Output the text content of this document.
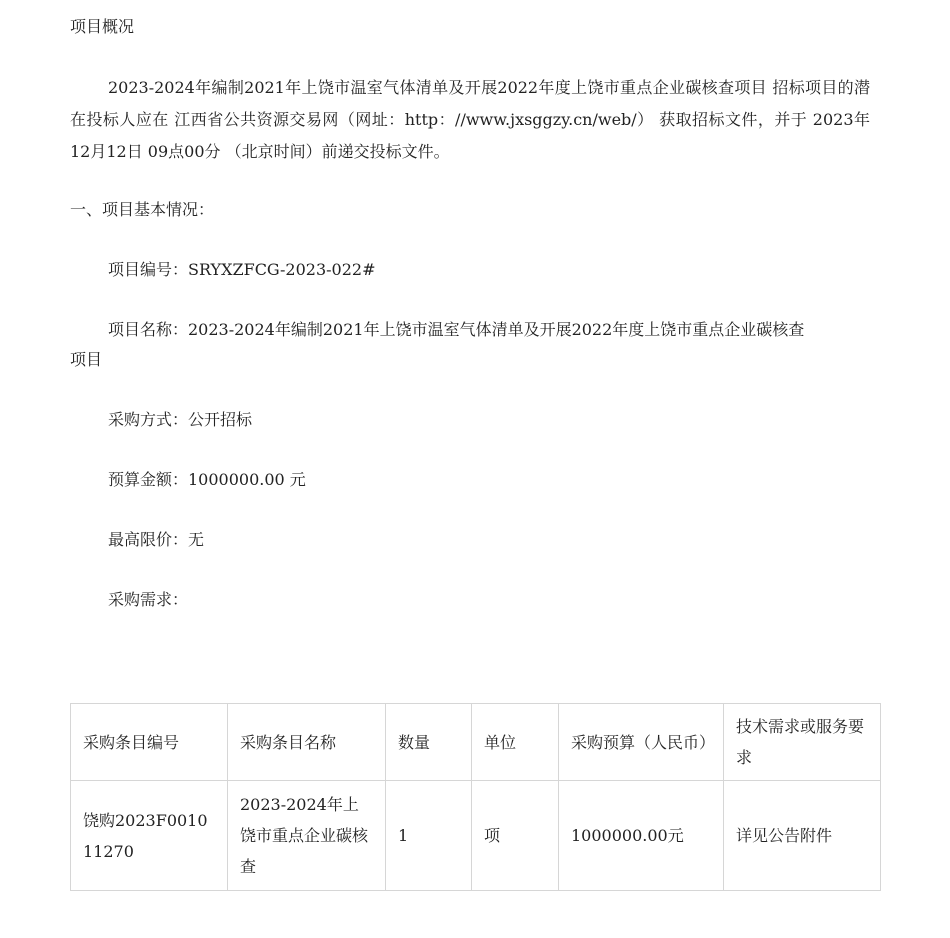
项目概况
2023-2024年编制2021年上饶市温室气体清单及开展2022年度上饶市重点企业碳核查项目 招标项目的潜在投标人应在 江西省公共资源交易网（网址：http：//www.jxsggzy.cn/web/） 获取招标文件，并于 2023年12月12日 09点00分 （北京时间）前递交投标文件。
一、项目基本情况：
项目编号：SRYXZFCG-2023-022#
项目名称：2023-2024年编制2021年上饶市温室气体清单及开展2022年度上饶市重点企业碳核查
项目
采购方式：公开招标
预算金额：1000000.00 元
最高限价：无
采购需求：
采购条目编号	采购条目名称	数量	单位	采购预算（人民币）	技术需求或服务要求
饶购2023F001011270	2023-2024年上饶市重点企业碳核查	1	项	1000000.00元	详见公告附件
